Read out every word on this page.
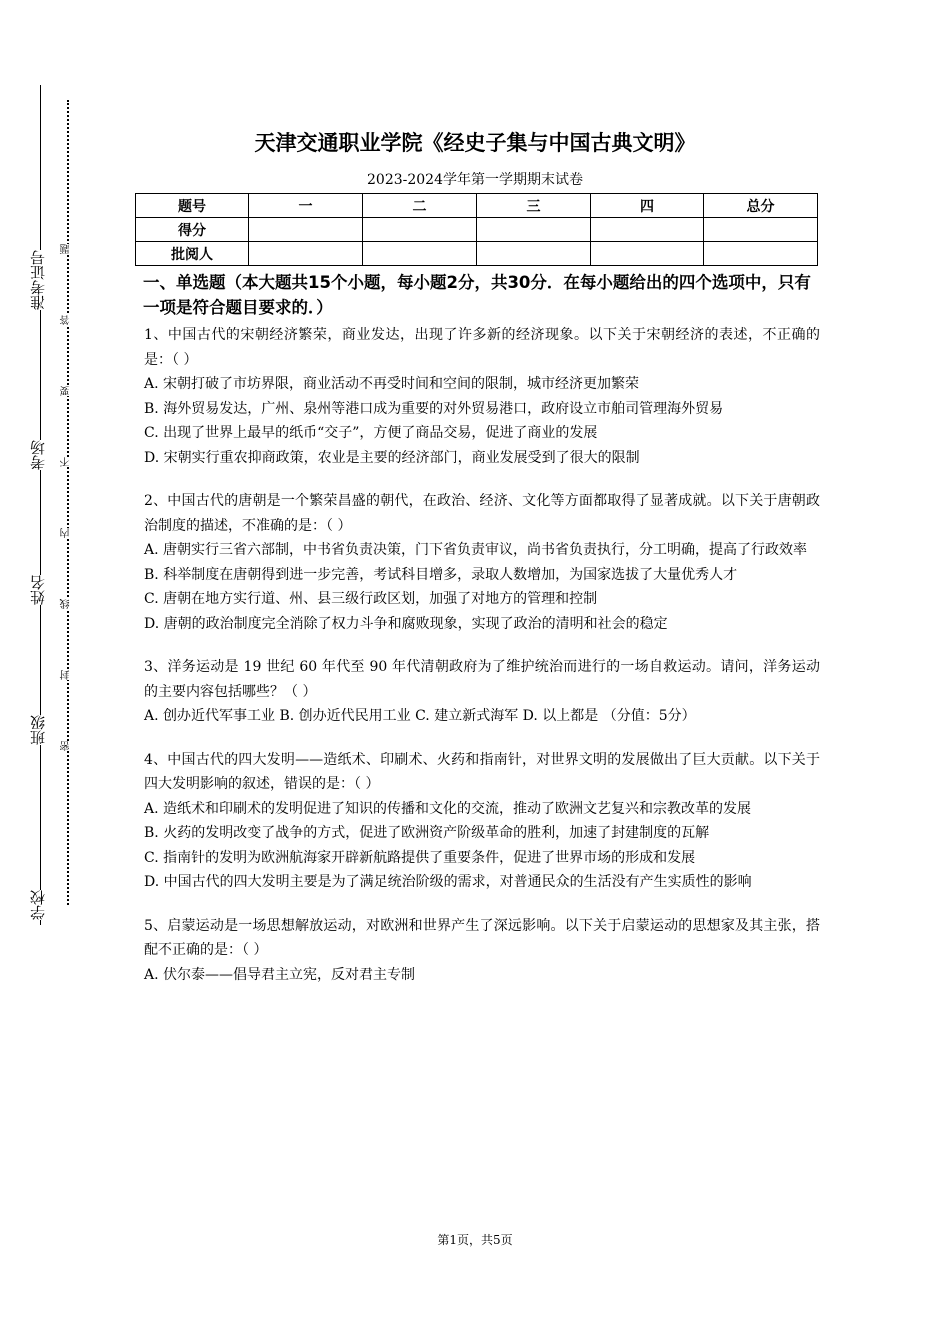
准考证号
考场
姓名
班级
学校
题
答
要
不
内
线
封
密
天津交通职业学院《经史子集与中国古典文明》
2023-2024学年第一学期期末试卷
题号	一	二	三	四	总分
得分					
批阅人					
一、单选题（本大题共15个小题，每小题2分，共30分．在每小题给出的四个选项中，只有一项是符合题目要求的．）
1、中国古代的宋朝经济繁荣，商业发达，出现了许多新的经济现象。以下关于宋朝经济的表述，不正确的是：（ ）
A. 宋朝打破了市坊界限，商业活动不再受时间和空间的限制，城市经济更加繁荣
B. 海外贸易发达，广州、泉州等港口成为重要的对外贸易港口，政府设立市舶司管理海外贸易
C. 出现了世界上最早的纸币“交子”，方便了商品交易，促进了商业的发展
D. 宋朝实行重农抑商政策，农业是主要的经济部门，商业发展受到了很大的限制
2、中国古代的唐朝是一个繁荣昌盛的朝代，在政治、经济、文化等方面都取得了显著成就。以下关于唐朝政治制度的描述，不准确的是：（ ）
A. 唐朝实行三省六部制，中书省负责决策，门下省负责审议，尚书省负责执行，分工明确，提高了行政效率
B. 科举制度在唐朝得到进一步完善，考试科目增多，录取人数增加，为国家选拔了大量优秀人才
C. 唐朝在地方实行道、州、县三级行政区划，加强了对地方的管理和控制
D. 唐朝的政治制度完全消除了权力斗争和腐败现象，实现了政治的清明和社会的稳定
3、洋务运动是 19 世纪 60 年代至 90 年代清朝政府为了维护统治而进行的一场自救运动。请问，洋务运动的主要内容包括哪些？（ ）
A. 创办近代军事工业 B. 创办近代民用工业 C. 建立新式海军 D. 以上都是 （分值：5分）
4、中国古代的四大发明——造纸术、印刷术、火药和指南针，对世界文明的发展做出了巨大贡献。以下关于四大发明影响的叙述，错误的是：（ ）
A. 造纸术和印刷术的发明促进了知识的传播和文化的交流，推动了欧洲文艺复兴和宗教改革的发展
B. 火药的发明改变了战争的方式，促进了欧洲资产阶级革命的胜利，加速了封建制度的瓦解
C. 指南针的发明为欧洲航海家开辟新航路提供了重要条件，促进了世界市场的形成和发展
D. 中国古代的四大发明主要是为了满足统治阶级的需求，对普通民众的生活没有产生实质性的影响
5、启蒙运动是一场思想解放运动，对欧洲和世界产生了深远影响。以下关于启蒙运动的思想家及其主张，搭配不正确的是：（ ）
A. 伏尔泰——倡导君主立宪，反对君主专制
第1页，共5页
